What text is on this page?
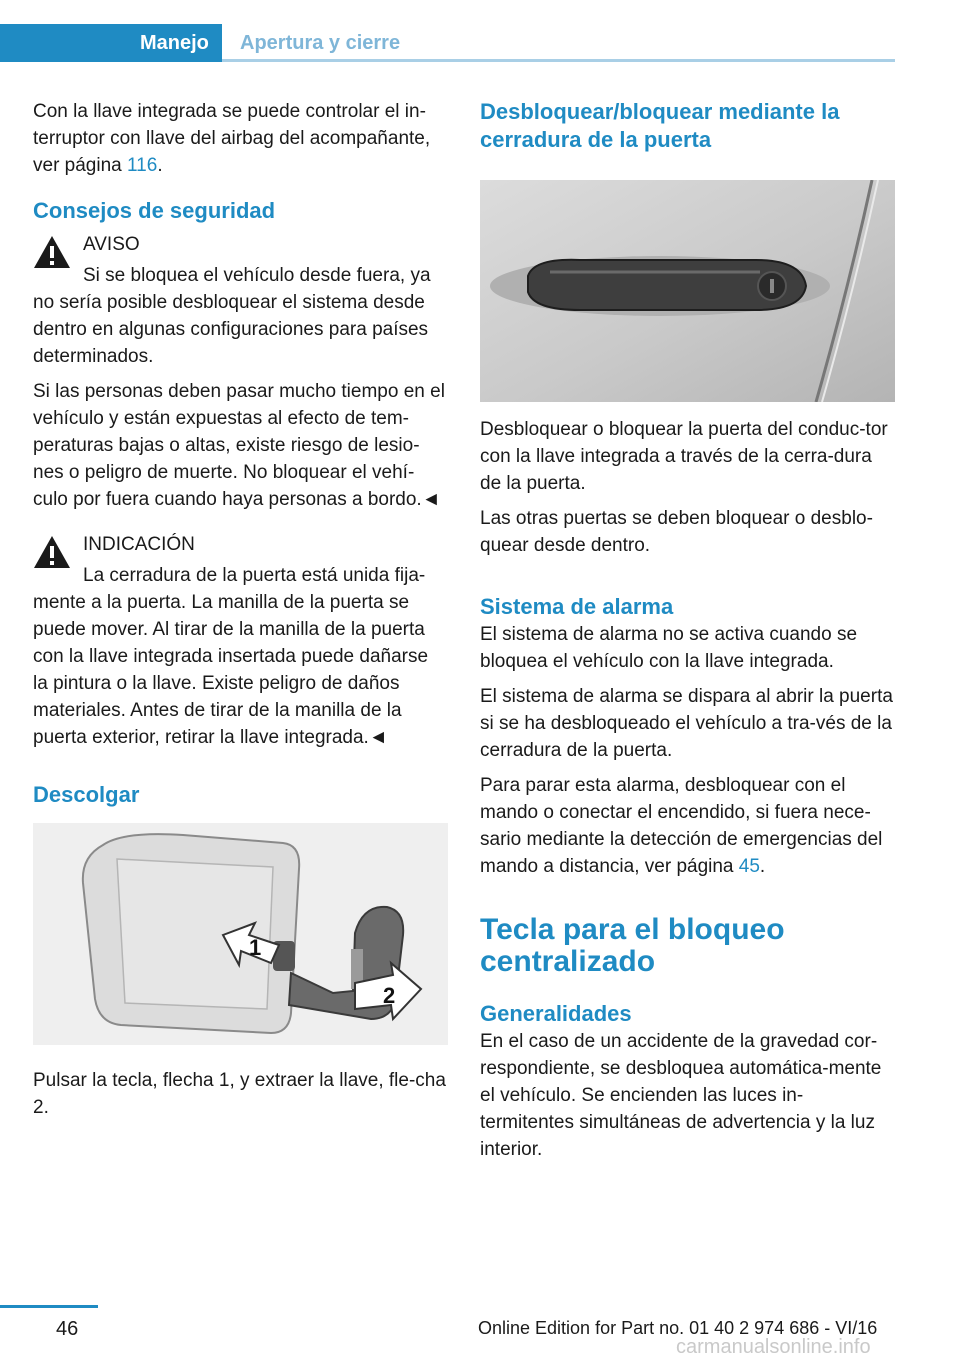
Manejo	Apertura y cierre

Con la llave integrada se puede controlar el in-terruptor con llave del airbag del acompañante, ver página 116.

Consejos de seguridad

AVISO

Si se bloquea el vehículo desde fuera, ya no sería posible desbloquear el sistema desde dentro en algunas configuraciones para países determinados.

Si las personas deben pasar mucho tiempo en el vehículo y están expuestas al efecto de tem-peraturas bajas o altas, existe riesgo de lesio-nes o peligro de muerte. No bloquear el vehí-culo por fuera cuando haya personas a bordo.◄

INDICACIÓN

La cerradura de la puerta está unida fija-mente a la puerta. La manilla de la puerta se puede mover. Al tirar de la manilla de la puerta con la llave integrada insertada puede dañarse la pintura o la llave. Existe peligro de daños materiales. Antes de tirar de la manilla de la puerta exterior, retirar la llave integrada.◄

Descolgar
1
2

Pulsar la tecla, flecha 1, y extraer la llave, fle-cha 2.

Desbloquear/bloquear mediante la cerradura de la puerta

Desbloquear o bloquear la puerta del conduc-tor con la llave integrada a través de la cerra-dura de la puerta.

Las otras puertas se deben bloquear o desblo-quear desde dentro.

Sistema de alarma

El sistema de alarma no se activa cuando se bloquea el vehículo con la llave integrada.

El sistema de alarma se dispara al abrir la puerta si se ha desbloqueado el vehículo a tra-vés de la cerradura de la puerta.

Para parar esta alarma, desbloquear con el mando o conectar el encendido, si fuera nece-sario mediante la detección de emergencias del mando a distancia, ver página 45.

Tecla para el bloqueo centralizado
Generalidades

En el caso de un accidente de la gravedad cor-respondiente, se desbloquea automática-mente el vehículo. Se encienden las luces in-termitentes simultáneas de advertencia y la luz interior.

46	Online Edition for Part no. 01 40 2 974 686 - VI/16
carmanualsonline.info
